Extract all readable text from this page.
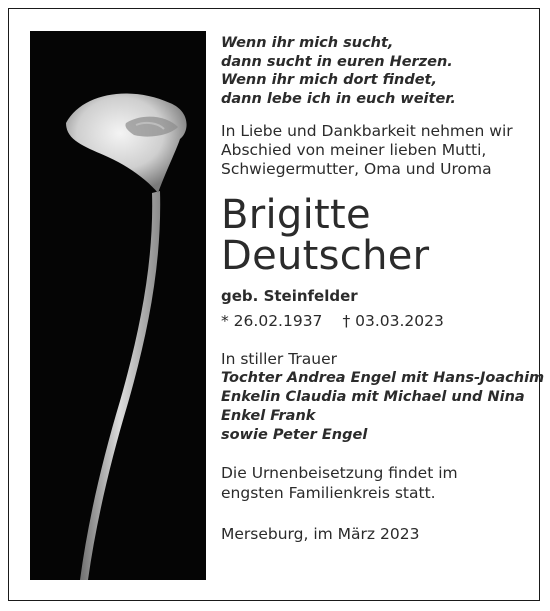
Wenn ihr mich sucht,
dann sucht in euren Herzen.
Wenn ihr mich dort findet,
dann lebe ich in euch weiter.
In Liebe und Dankbarkeit nehmen wir
Abschied von meiner lieben Mutti,
Schwiegermutter, Oma und Uroma
Brigitte
Deutscher
geb. Steinfelder
* 26.02.1937 † 03.03.2023
In stiller Trauer
Tochter Andrea Engel mit Hans-Joachim
Enkelin Claudia mit Michael und Nina
Enkel Frank
sowie Peter Engel
Die Urnenbeisetzung findet im
engsten Familienkreis statt.
Merseburg, im März 2023
